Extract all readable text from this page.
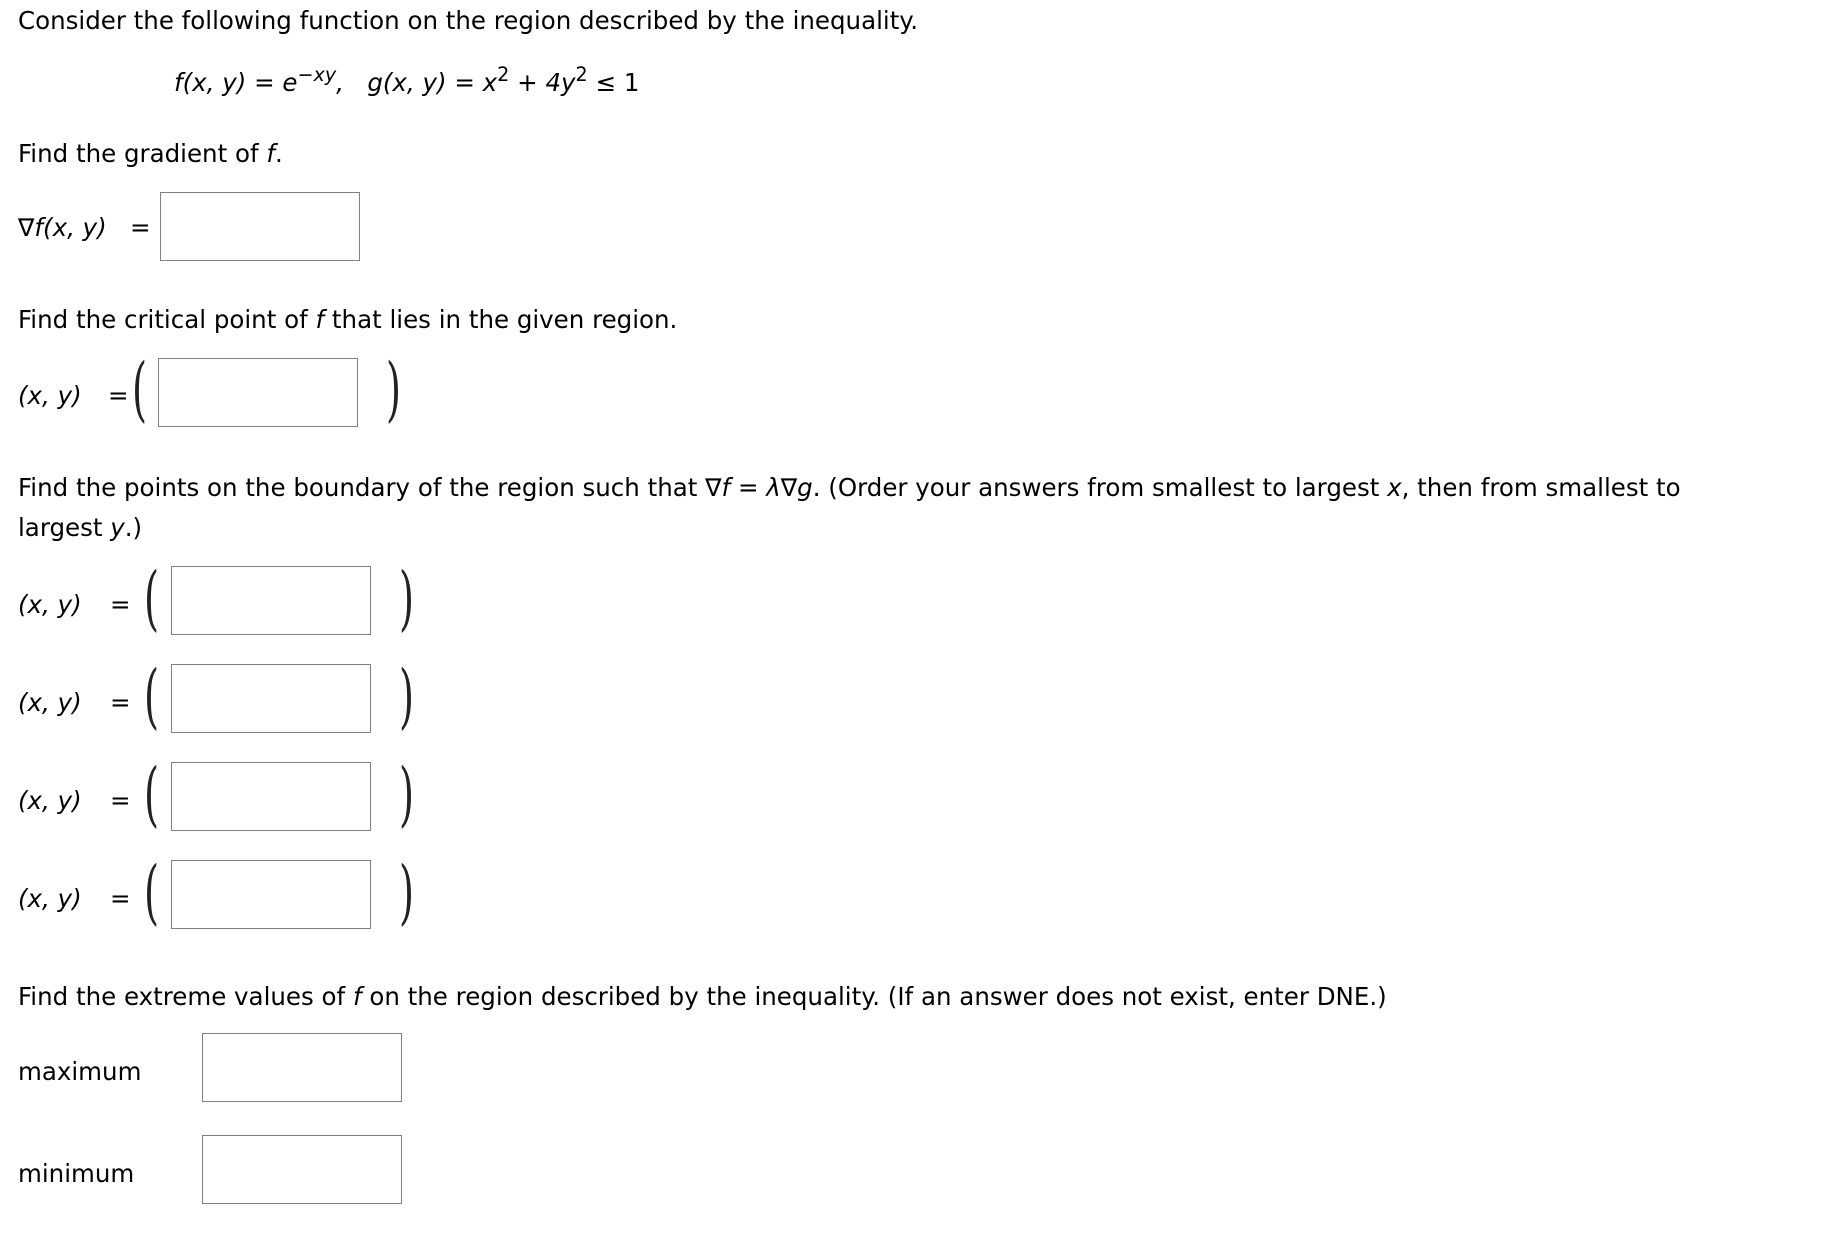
Consider the following function on the region described by the inequality.
f(x, $y) = e^{-xy}$, g(x, $y) = x^2 + 4y^2 \le 1$
Find the gradient of f.
∇f(x, y) =
Find the critical point of f that lies in the given region.
(x, y) = (	)
Find the points on the boundary of the region such that ∇f = λ∇g. (Order your answers from smallest to largest x, then from smallest to
largest y.)
(x, y) = (	)
(x, y) = (	)
(x, y) = (	)
(x, y) = (	)
Find the extreme values of f on the region described by the inequality. (If an answer does not exist, enter DNE.)
maximum
minimum
